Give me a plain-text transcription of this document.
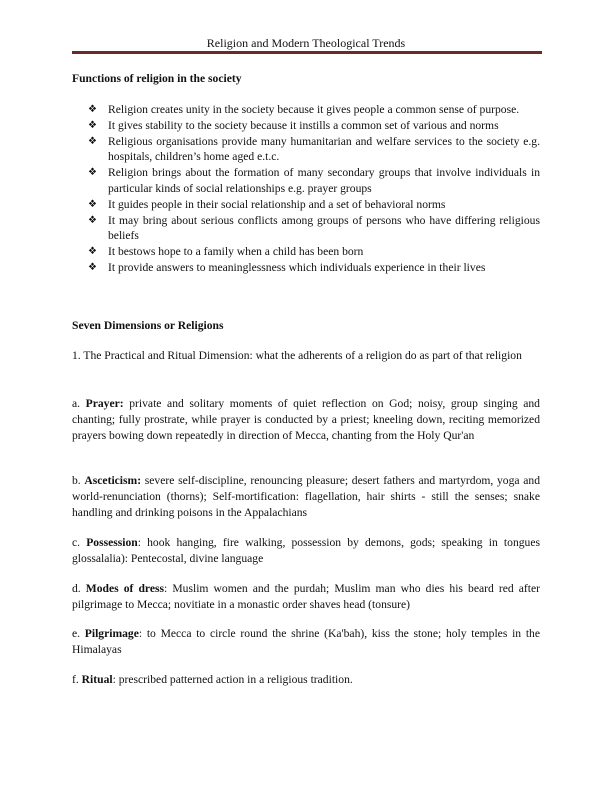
Religion and Modern Theological Trends
Functions of religion in the society
❖ Religion creates unity in the society because it gives people a common sense of purpose.
❖ It gives stability to the society because it instills a common set of various and norms
❖ Religious organisations provide many humanitarian and welfare services to the society e.g. hospitals, children’s home aged e.t.c.
❖ Religion brings about the formation of many secondary groups that involve individuals in particular kinds of social relationships e.g. prayer groups
❖ It guides people in their social relationship and a set of behavioral norms
❖ It may bring about serious conflicts among groups of persons who have differing religious beliefs
❖ It bestows hope to a family when a child has been born
❖ It provide answers to meaninglessness which individuals experience in their lives
Seven Dimensions or Religions

1. The Practical and Ritual Dimension: what the adherents of a religion do as part of that religion

a. Prayer: private and solitary moments of quiet reflection on God; noisy, group singing and chanting; fully prostrate, while prayer is conducted by a priest; kneeling down, reciting memorized prayers bowing down repeatedly in direction of Mecca, chanting from the Holy Qur'an

b. Asceticism: severe self-discipline, renouncing pleasure; desert fathers and martyrdom, yoga and world-renunciation (thorns); Self-mortification: flagellation, hair shirts - still the senses; snake handling and drinking poisons in the Appalachians

c. Possession: hook hanging, fire walking, possession by demons, gods; speaking in tongues glossalalia): Pentecostal, divine language

d. Modes of dress: Muslim women and the purdah; Muslim man who dies his beard red after pilgrimage to Mecca; novitiate in a monastic order shaves head (tonsure)

e. Pilgrimage: to Mecca to circle round the shrine (Ka'bah), kiss the stone; holy temples in the Himalayas

f. Ritual: prescribed patterned action in a religious tradition.
